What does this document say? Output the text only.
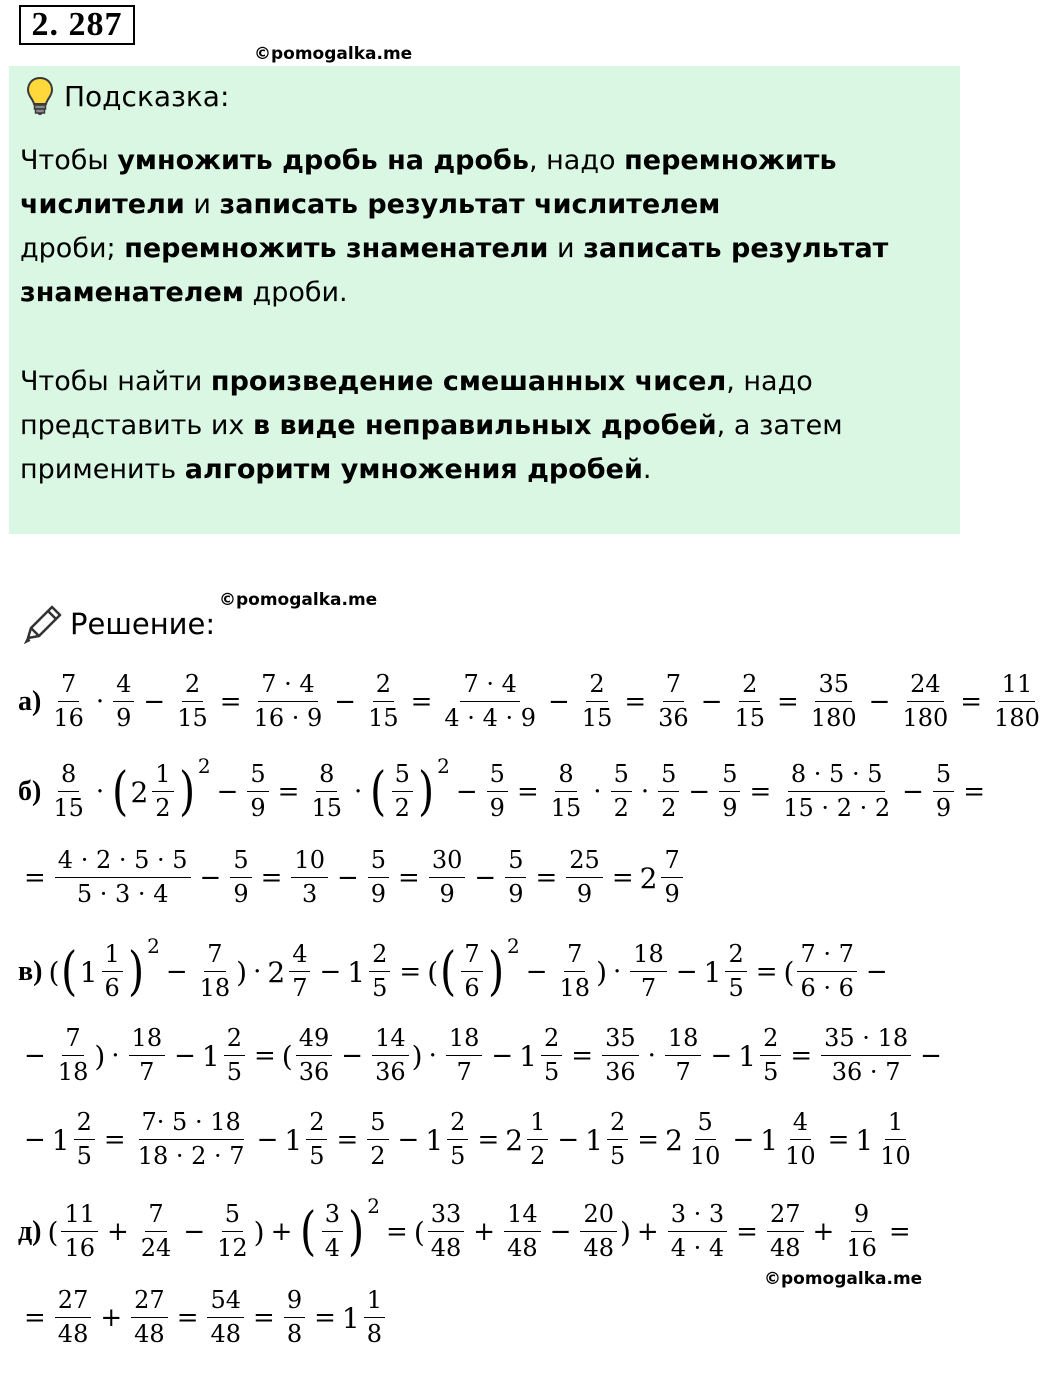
2. 287
©pomogalka.me
Подсказка:
Чтобы умножить дробь на дробь, надо перемножить
числители и записать результат числителем
дроби; перемножить знаменатели и записать результат
знаменателем дроби.
Чтобы найти произведение смешанных чисел, надо
представить их в виде неправильных дробей, а затем
применить алгоритм умножения дробей.
©pomogalka.me
Решение:
$а) \frac{7}{16} \cdot \frac{4}{9} - \frac{2}{15} = \frac{7 \cdot 4}{16 \cdot 9} - \frac{2}{15} = \frac{7 \cdot 4}{4 \cdot 4 \cdot 9} - \frac{2}{15} = \frac{7}{36} - \frac{2}{15} = \frac{35}{180} - \frac{24}{180} = \frac{11}{180}$
$б) \frac{8}{15}$ · ( $2 \frac{1}{2}$ ) 2
− $\frac{5}{9} = \frac{8}{15}$ · ( $\frac{5}{2}$ ) 2
− $\frac{5}{9} = \frac{8}{15} \cdot \frac{5}{2} \cdot \frac{5}{2} - \frac{5}{9} = \frac{8 \cdot 5 \cdot 5}{15 \cdot 2 \cdot 2} - \frac{5}{9}$ =
= $\frac{4 \cdot 2 \cdot 5 \cdot 5}{5 \cdot 3 \cdot 4} - \frac{5}{9} = \frac{10}{3} - \frac{5}{9} = \frac{30}{9} - \frac{5}{9} = \frac{25}{9} = 2 \frac{7}{9}$
в) ( ( $1 \frac{1}{6}$ ) 2
− $\frac{7}{18}$ ) · $2 \frac{4}{7} - 1 \frac{2}{5}$ = ( ( $\frac{7}{6}$ ) 2
− $\frac{7}{18}$ ) · $\frac{18}{7} - 1 \frac{2}{5}$ = ( $\frac{7 \cdot 7}{6 \cdot 6}$ −
− $\frac{7}{18}$ ) · $\frac{18}{7} - 1 \frac{2}{5}$ = ( $\frac{49}{36} - \frac{14}{36}$ ) · $\frac{18}{7} - 1 \frac{2}{5} = \frac{35}{36} \cdot \frac{18}{7} - 1 \frac{2}{5} = \frac{35 \cdot 18}{36 \cdot 7}$ −
− $1 \frac{2}{5} = \frac{7\cdot 5 \cdot 18}{18 \cdot 2 \cdot 7} - 1 \frac{2}{5} = \frac{5}{2} - 1 \frac{2}{5} = 2 \frac{1}{2} - 1 \frac{2}{5} = 2 \frac{5}{10} - 1 \frac{4}{10} = 1 \frac{1}{10}$
д) ( $\frac{11}{16} + \frac{7}{24} - \frac{5}{12}$ ) + ( $\frac{3}{4}$ ) 2
= ( $\frac{33}{48} + \frac{14}{48} - \frac{20}{48}$ ) + $\frac{3 \cdot 3}{4 \cdot 4} = \frac{27}{48} + \frac{9}{16}$ =
= $\frac{27}{48} + \frac{27}{48} = \frac{54}{48} = \frac{9}{8} = 1 \frac{1}{8}$
©pomogalka.me
